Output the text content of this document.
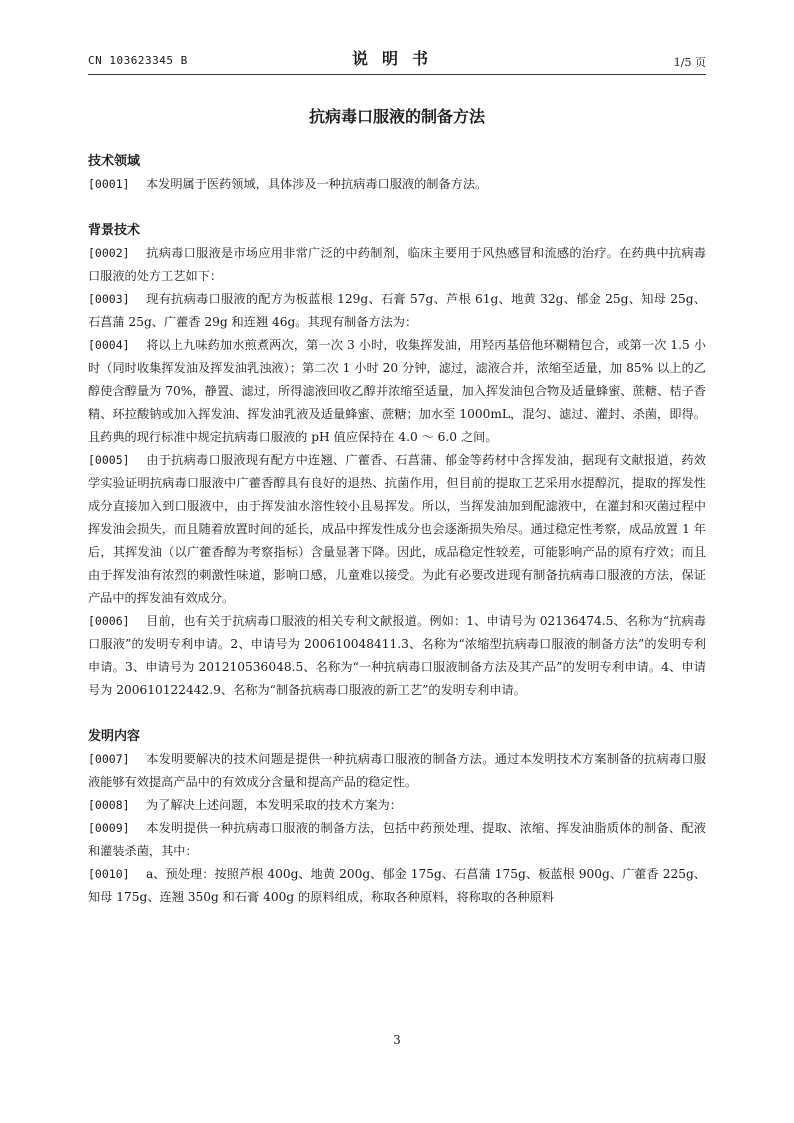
CN 103623345 B	说明书	1/5 页
抗病毒口服液的制备方法
技术领域

[0001] 本发明属于医药领域，具体涉及一种抗病毒口服液的制备方法。

背景技术

[0002] 抗病毒口服液是市场应用非常广泛的中药制剂，临床主要用于风热感冒和流感的治疗。在药典中抗病毒口服液的处方工艺如下：

[0003] 现有抗病毒口服液的配方为板蓝根 129g、石膏 57g、芦根 61g、地黄 32g、郁金 25g、知母 25g、石菖蒲 25g、广藿香 29g 和连翘 46g。其现有制备方法为：

[0004] 将以上九味药加水煎煮两次，第一次 3 小时，收集挥发油，用羟丙基倍他环糊精包合，或第一次 1.5 小时（同时收集挥发油及挥发油乳浊液）；第二次 1 小时 20 分钟，滤过，滤液合并，浓缩至适量，加 85% 以上的乙醇使含醇量为 70%，静置、滤过，所得滤液回收乙醇并浓缩至适量，加入挥发油包合物及适量蜂蜜、蔗糖、桔子香精、环拉酸钠或加入挥发油、挥发油乳液及适量蜂蜜、蔗糖；加水至 1000mL，混匀、滤过、灌封、杀菌，即得。且药典的现行标准中规定抗病毒口服液的 pH 值应保持在 4.0 ～ 6.0 之间。

[0005] 由于抗病毒口服液现有配方中连翘、广藿香、石菖蒲、郁金等药材中含挥发油，据现有文献报道，药效学实验证明抗病毒口服液中广藿香醇具有良好的退热、抗菌作用，但目前的提取工艺采用水提醇沉，提取的挥发性成分直接加入到口服液中，由于挥发油水溶性较小且易挥发。所以，当挥发油加到配滤液中，在灌封和灭菌过程中挥发油会损失，而且随着放置时间的延长，成品中挥发性成分也会逐渐损失殆尽。通过稳定性考察，成品放置 1 年后，其挥发油（以广藿香醇为考察指标）含量显著下降。因此，成品稳定性较差，可能影响产品的原有疗效；而且由于挥发油有浓烈的刺激性味道，影响口感，儿童难以接受。为此有必要改进现有制备抗病毒口服液的方法，保证产品中的挥发油有效成分。

[0006] 目前，也有关于抗病毒口服液的相关专利文献报道。例如：1、申请号为 02136474.5、名称为“抗病毒口服液”的发明专利申请。2、申请号为 200610048411.3、名称为“浓缩型抗病毒口服液的制备方法”的发明专利申请。3、申请号为 201210536048.5、名称为“一种抗病毒口服液制备方法及其产品”的发明专利申请。4、申请号为 200610122442.9、名称为“制备抗病毒口服液的新工艺”的发明专利申请。

发明内容

[0007] 本发明要解决的技术问题是提供一种抗病毒口服液的制备方法。通过本发明技术方案制备的抗病毒口服液能够有效提高产品中的有效成分含量和提高产品的稳定性。

[0008] 为了解决上述问题，本发明采取的技术方案为：

[0009] 本发明提供一种抗病毒口服液的制备方法，包括中药预处理、提取、浓缩、挥发油脂质体的制备、配液和灌装杀菌，其中：

[0010] a、预处理：按照芦根 400g、地黄 200g、郁金 175g、石菖蒲 175g、板蓝根 900g、广藿香 225g、知母 175g、连翘 350g 和石膏 400g 的原料组成，称取各种原料，将称取的各种原料

3
